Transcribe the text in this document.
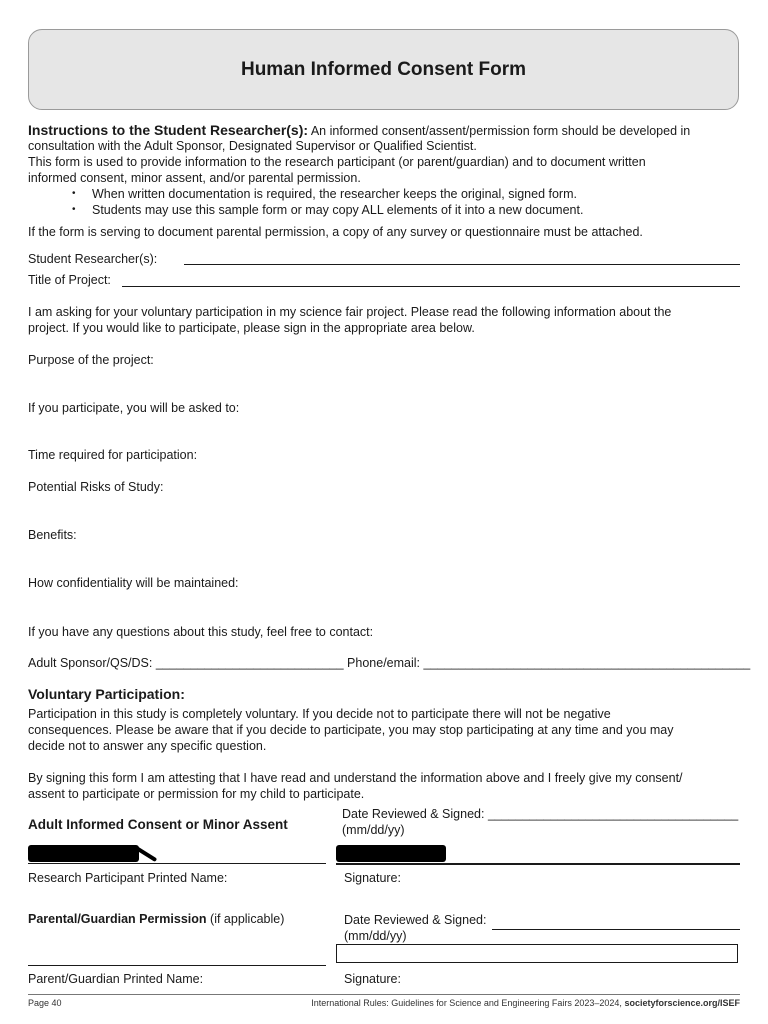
Human Informed Consent Form
Instructions to the Student Researcher(s): An informed consent/assent/permission form should be developed in
consultation with the Adult Sponsor, Designated Supervisor or Qualified Scientist.
This form is used to provide information to the research participant (or parent/guardian) and to document written
informed consent, minor assent, and/or parental permission.
• When written documentation is required, the researcher keeps the original, signed form.
• Students may use this sample form or may copy ALL elements of it into a new document.
If the form is serving to document parental permission, a copy of any survey or questionnaire must be attached.
Student Researcher(s):
Title of Project:
I am asking for your voluntary participation in my science fair project. Please read the following information about the
project. If you would like to participate, please sign in the appropriate area below.
Purpose of the project:
If you participate, you will be asked to:
Time required for participation:
Potential Risks of Study:
Benefits:
How confidentiality will be maintained:
If you have any questions about this study, feel free to contact:
Adult Sponsor/QS/DS: ___________________________ Phone/email: _______________________________________________
Voluntary Participation:
Participation in this study is completely voluntary. If you decide not to participate there will not be negative
consequences. Please be aware that if you decide to participate, you may stop participating at any time and you may
decide not to answer any specific question.
By signing this form I am attesting that I have read and understand the information above and I freely give my consent/
assent to participate or permission for my child to participate.
Adult Informed Consent or Minor Assent
Date Reviewed & Signed: ____________________________________
(mm/dd/yy)
Research Participant Printed Name:	Signature:
Parental/Guardian Permission (if applicable)	Date Reviewed & Signed:
(mm/dd/yy)
Parent/Guardian Printed Name:	Signature:
Page 40	International Rules: Guidelines for Science and Engineering Fairs 2023–2024, societyforscience.org/ISEF
